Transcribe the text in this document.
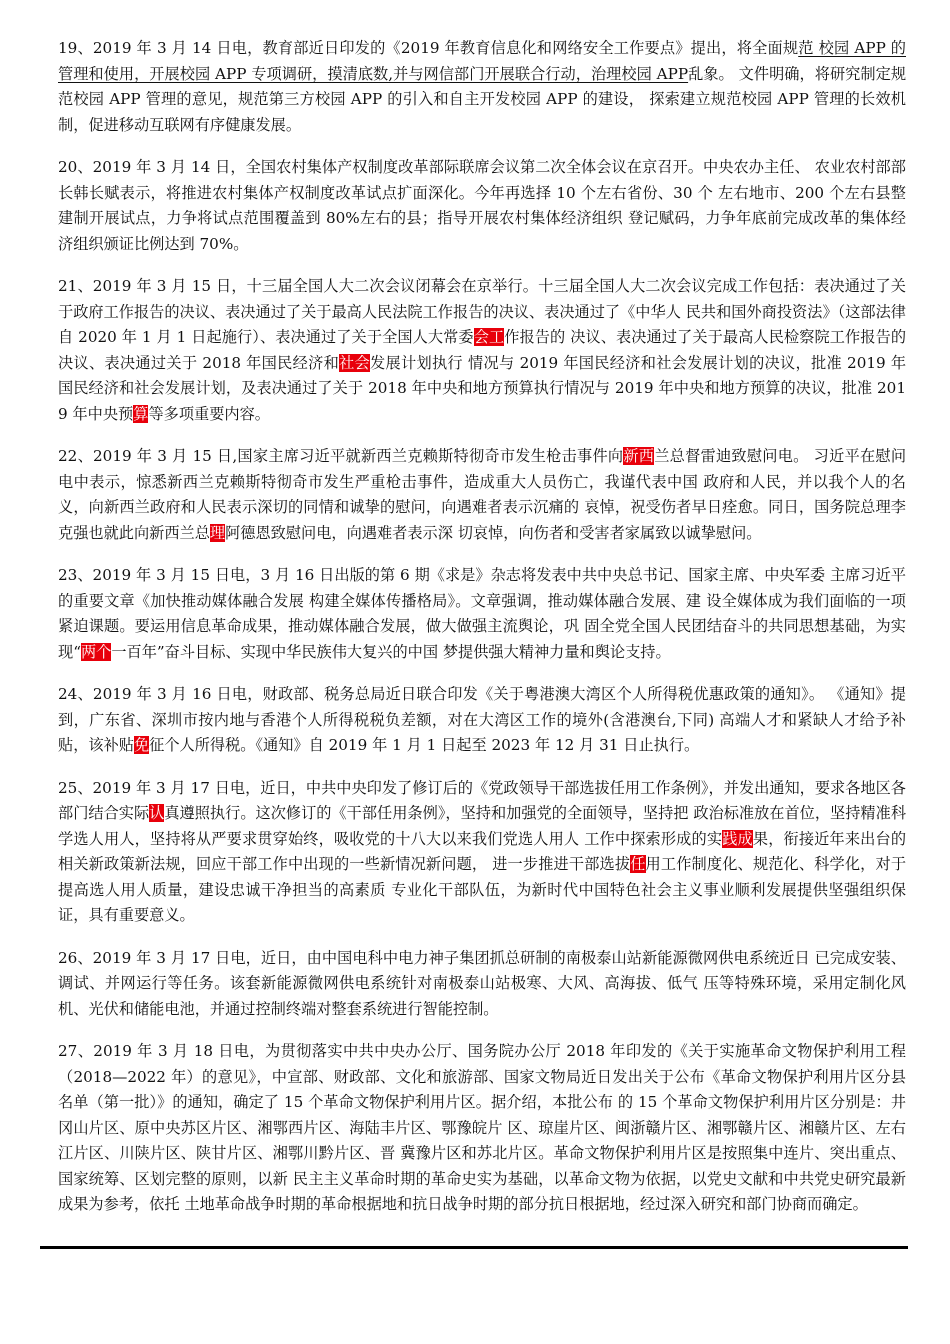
19、2019 年 3 月 14 日电，教育部近日印发的《2019 年教育信息化和网络安全工作要点》提出，将全面规范 校园 APP 的管理和使用，开展校园 APP 专项调研，摸清底数,并与网信部门开展联合行动，治理校园 APP乱象。 文件明确，将研究制定规范校园 APP 管理的意见，规范第三方校园 APP 的引入和自主开发校园 APP 的建设， 探索建立规范校园 APP 管理的长效机制，促进移动互联网有序健康发展。

20、2019 年 3 月 14 日，全国农村集体产权制度改革部际联席会议第二次全体会议在京召开。中央农办主任、 农业农村部部长韩长赋表示，将推进农村集体产权制度改革试点扩面深化。今年再选择 10 个左右省份、30 个 左右地市、200 个左右县整建制开展试点，力争将试点范围覆盖到 80%左右的县；指导开展农村集体经济组织 登记赋码，力争年底前完成改革的集体经济组织颁证比例达到 70%。

21、2019 年 3 月 15 日，十三届全国人大二次会议闭幕会在京举行。十三届全国人大二次会议完成工作包括：表决通过了关于政府工作报告的决议、表决通过了关于最高人民法院工作报告的决议、表决通过了《中华人 民共和国外商投资法》（这部法律自 2020 年 1 月 1 日起施行）、表决通过了关于全国人大常委会工作报告的 决议、表决通过了关于最高人民检察院工作报告的决议、表决通过关于 2018 年国民经济和社会发展计划执行 情况与 2019 年国民经济和社会发展计划的决议，批准 2019 年国民经济和社会发展计划，及表决通过了关于 2018 年中央和地方预算执行情况与 2019 年中央和地方预算的决议，批准 2019 年中央预算等多项重要内容。

22、2019 年 3 月 15 日,国家主席习近平就新西兰克赖斯特彻奇市发生枪击事件向新西兰总督雷迪致慰问电。 习近平在慰问电中表示，惊悉新西兰克赖斯特彻奇市发生严重枪击事件，造成重大人员伤亡，我谨代表中国 政府和人民，并以我个人的名义，向新西兰政府和人民表示深切的同情和诚挚的慰问，向遇难者表示沉痛的 哀悼，祝受伤者早日痊愈。同日，国务院总理李克强也就此向新西兰总理阿德恩致慰问电，向遇难者表示深 切哀悼，向伤者和受害者家属致以诚挚慰问。

23、2019 年 3 月 15 日电，3 月 16 日出版的第 6 期《求是》杂志将发表中共中央总书记、国家主席、中央军委 主席习近平的重要文章《加快推动媒体融合发展 构建全媒体传播格局》。文章强调，推动媒体融合发展、建 设全媒体成为我们面临的一项紧迫课题。要运用信息革命成果，推动媒体融合发展，做大做强主流舆论，巩 固全党全国人民团结奋斗的共同思想基础，为实现“两个一百年”奋斗目标、实现中华民族伟大复兴的中国 梦提供强大精神力量和舆论支持。

24、2019 年 3 月 16 日电，财政部、税务总局近日联合印发《关于粤港澳大湾区个人所得税优惠政策的通知》。 《通知》提到，广东省、深圳市按内地与香港个人所得税税负差额，对在大湾区工作的境外(含港澳台,下同) 高端人才和紧缺人才给予补贴，该补贴免征个人所得税。《通知》自 2019 年 1 月 1 日起至 2023 年 12 月 31 日止执行。

25、2019 年 3 月 17 日电，近日，中共中央印发了修订后的《党政领导干部选拔任用工作条例》，并发出通知，要求各地区各部门结合实际认真遵照执行。这次修订的《干部任用条例》，坚持和加强党的全面领导，坚持把 政治标准放在首位，坚持精准科学选人用人，坚持将从严要求贯穿始终，吸收党的十八大以来我们党选人用人 工作中探索形成的实践成果，衔接近年来出台的相关新政策新法规，回应干部工作中出现的一些新情况新问题， 进一步推进干部选拔任用工作制度化、规范化、科学化，对于提高选人用人质量，建设忠诚干净担当的高素质 专业化干部队伍，为新时代中国特色社会主义事业顺利发展提供坚强组织保证，具有重要意义。

26、2019 年 3 月 17 日电，近日，由中国电科中电力神子集团抓总研制的南极泰山站新能源微网供电系统近日 已完成安装、调试、并网运行等任务。该套新能源微网供电系统针对南极泰山站极寒、大风、高海拔、低气 压等特殊环境，采用定制化风机、光伏和储能电池，并通过控制终端对整套系统进行智能控制。

27、2019 年 3 月 18 日电，为贯彻落实中共中央办公厅、国务院办公厅 2018 年印发的《关于实施革命文物保护利用工程（2018—2022 年）的意见》，中宣部、财政部、文化和旅游部、国家文物局近日发出关于公布《革命文物保护利用片区分县名单（第一批）》的通知，确定了 15 个革命文物保护利用片区。据介绍，本批公布 的 15 个革命文物保护利用片区分别是：井冈山片区、原中央苏区片区、湘鄂西片区、海陆丰片区、鄂豫皖片 区、琼崖片区、闽浙赣片区、湘鄂赣片区、湘赣片区、左右江片区、川陕片区、陕甘片区、湘鄂川黔片区、晋 冀豫片区和苏北片区。革命文物保护利用片区是按照集中连片、突出重点、国家统筹、区划完整的原则，以新 民主主义革命时期的革命史实为基础，以革命文物为依据，以党史文献和中共党史研究最新成果为参考，依托 土地革命战争时期的革命根据地和抗日战争时期的部分抗日根据地，经过深入研究和部门协商而确定。
